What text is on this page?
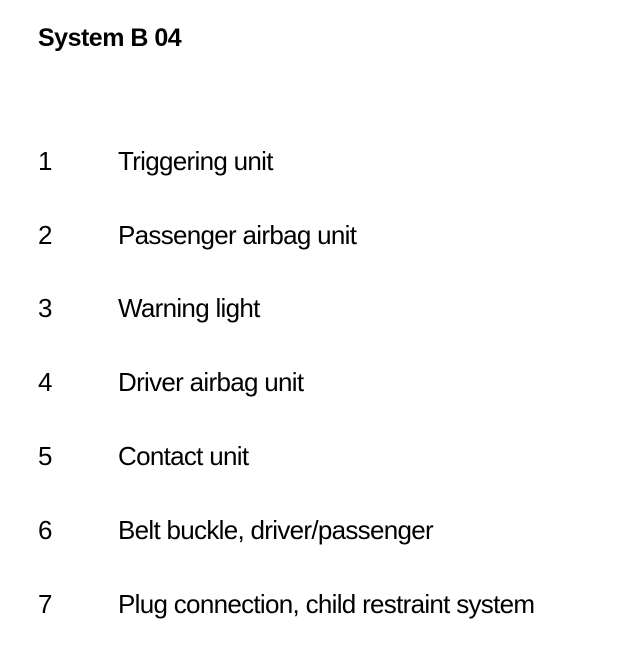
System B 04
1	Triggering unit
2	Passenger airbag unit
3	Warning light
4	Driver airbag unit
5	Contact unit
6	Belt buckle, driver/passenger
7	Plug connection, child restraint system
